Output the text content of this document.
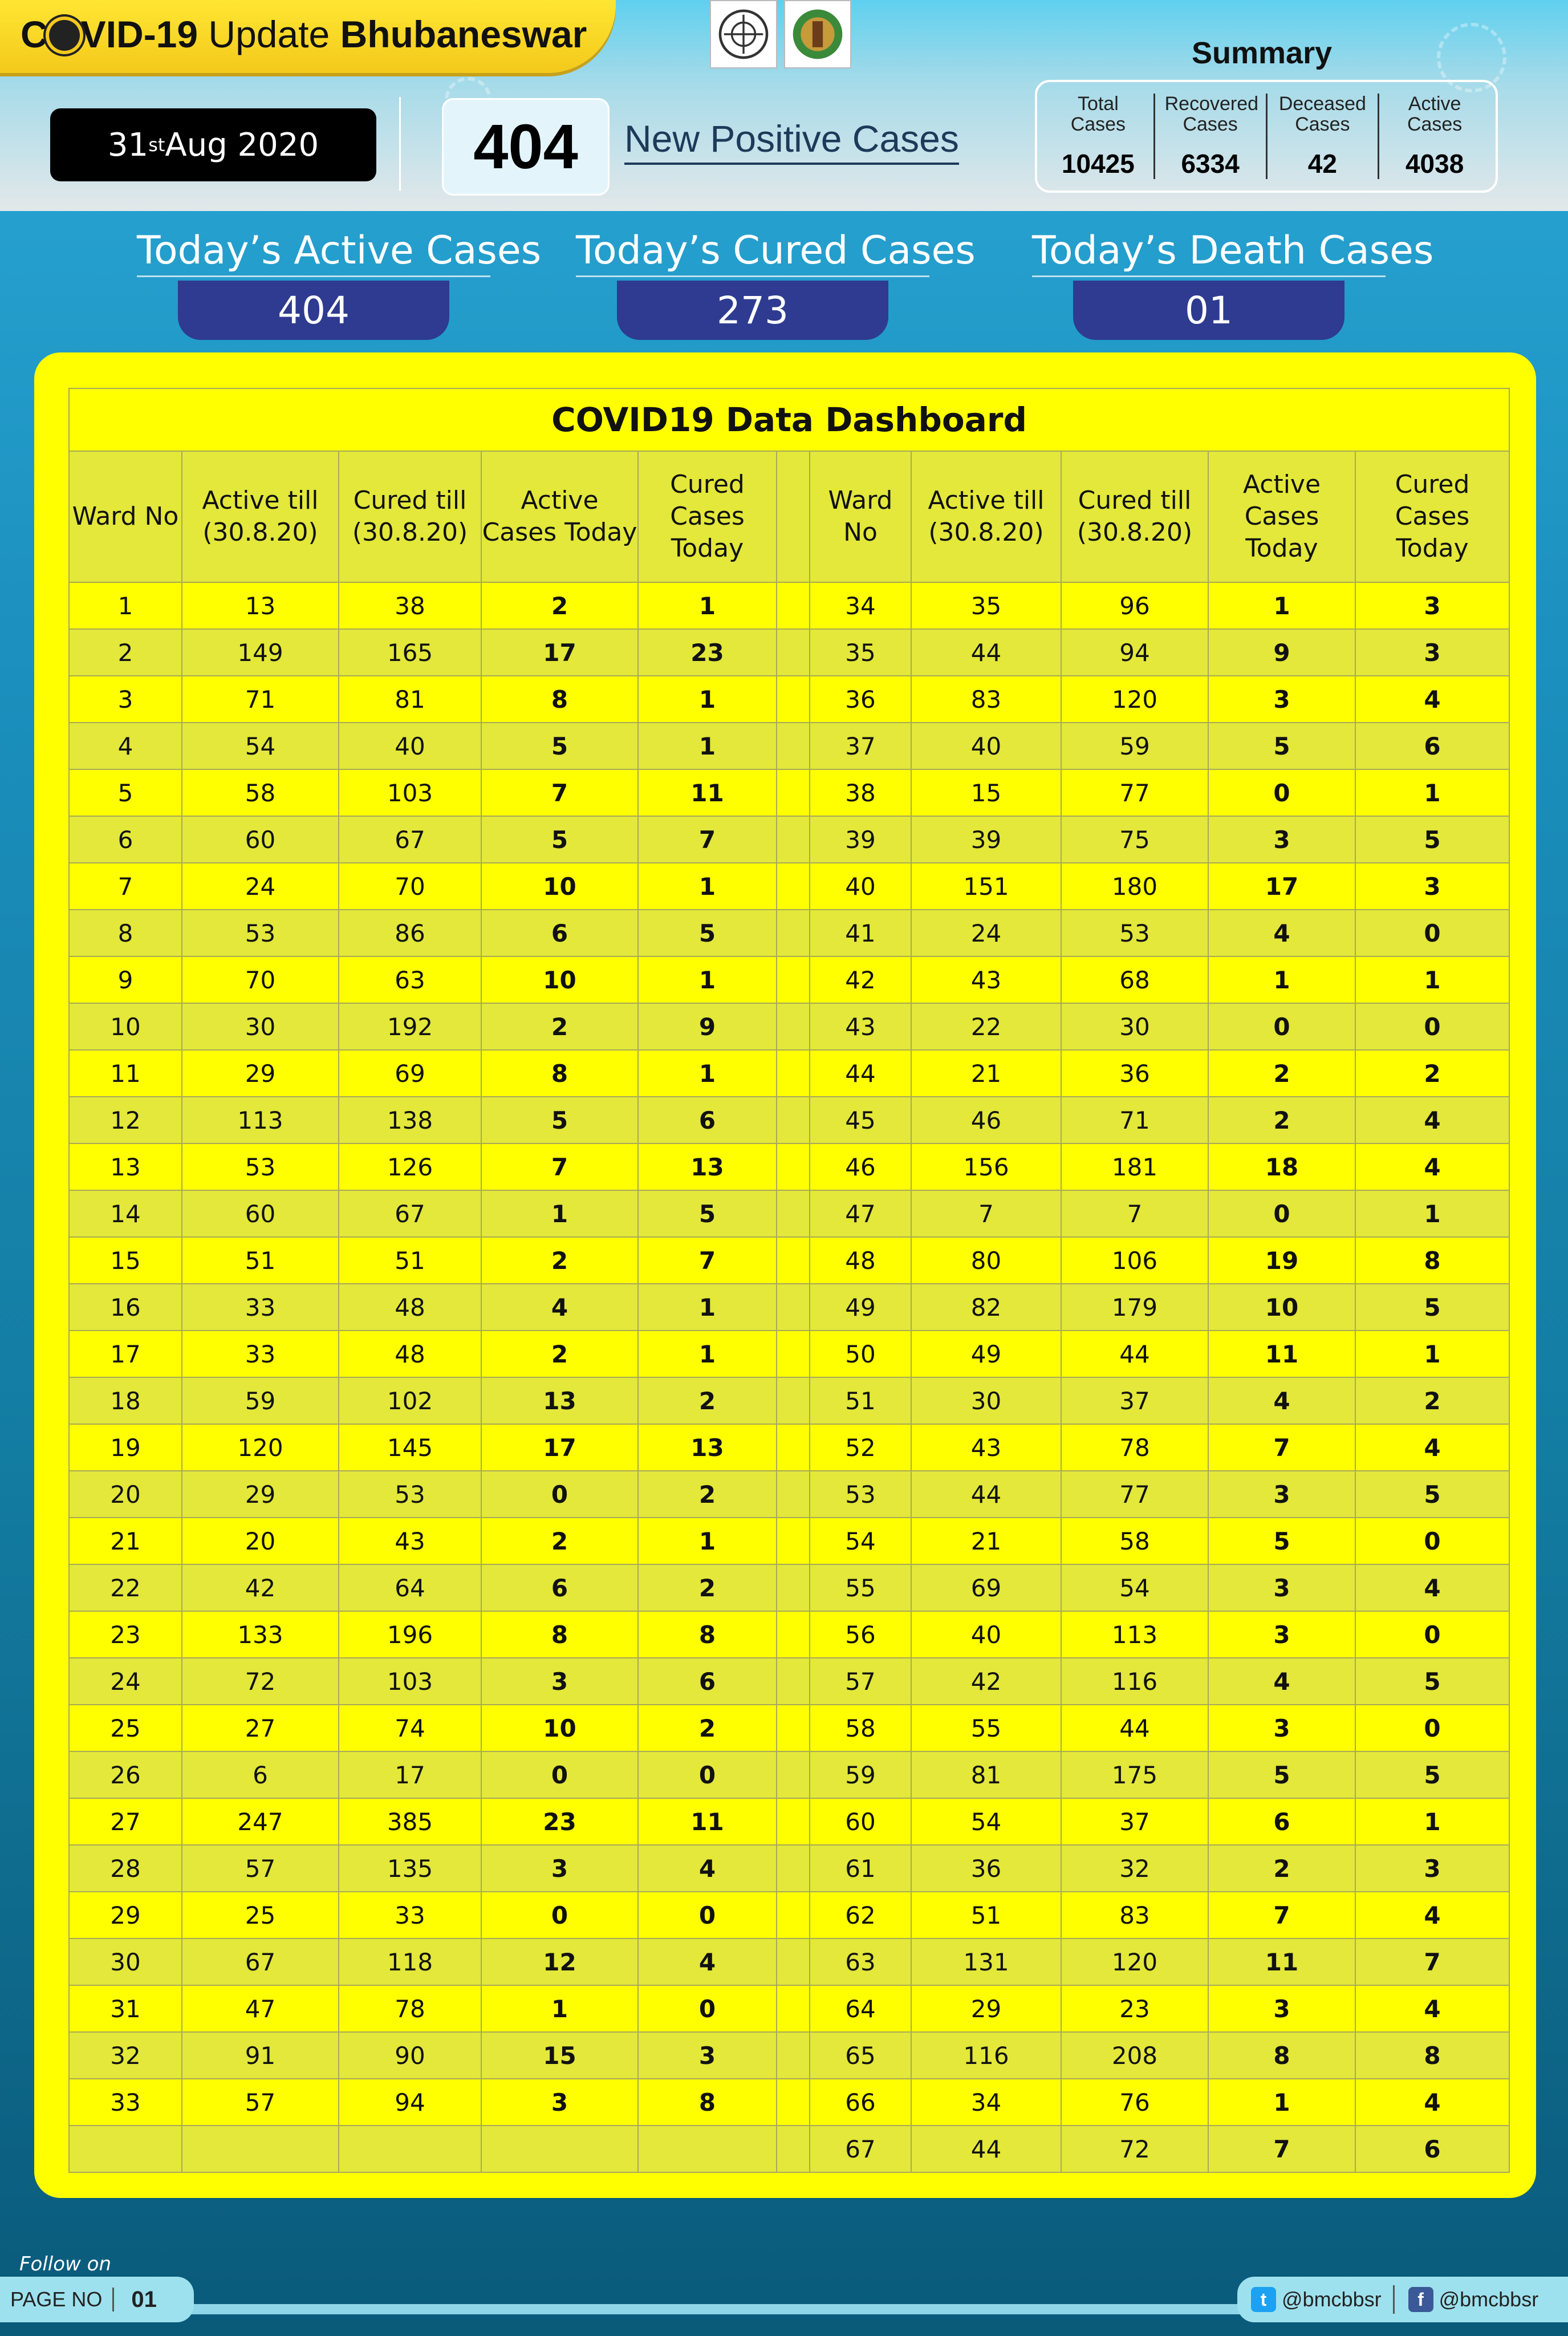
C VID-19 Update Bhubaneswar
31 st Aug 2020	404	New Positive Cases
Summary
Total Cases
10425
Recovered Cases
6334
Deceased Cases
42
Active Cases
4038
Today’s Active Cases
404
Today’s Cured Cases
273
Today’s Death Cases
01
COVID19 Data Dashboard										
Ward No	Active till (30.8.20)	Cured till (30.8.20)	Active Cases Today	Cured Cases Today		Ward No	Active till (30.8.20)	Cured till (30.8.20)	Active Cases Today	Cured Cases Today
1	13	38	2	1		34	35	96	1	3
2	149	165	17	23		35	44	94	9	3
3	71	81	8	1		36	83	120	3	4
4	54	40	5	1		37	40	59	5	6
5	58	103	7	11		38	15	77	0	1
6	60	67	5	7		39	39	75	3	5
7	24	70	10	1		40	151	180	17	3
8	53	86	6	5		41	24	53	4	0
9	70	63	10	1		42	43	68	1	1
10	30	192	2	9		43	22	30	0	0
11	29	69	8	1		44	21	36	2	2
12	113	138	5	6		45	46	71	2	4
13	53	126	7	13		46	156	181	18	4
14	60	67	1	5		47	7	7	0	1
15	51	51	2	7		48	80	106	19	8
16	33	48	4	1		49	82	179	10	5
17	33	48	2	1		50	49	44	11	1
18	59	102	13	2		51	30	37	4	2
19	120	145	17	13		52	43	78	7	4
20	29	53	0	2		53	44	77	3	5
21	20	43	2	1		54	21	58	5	0
22	42	64	6	2		55	69	54	3	4
23	133	196	8	8		56	40	113	3	0
24	72	103	3	6		57	42	116	4	5
25	27	74	10	2		58	55	44	3	0
26	6	17	0	0		59	81	175	5	5
27	247	385	23	11		60	54	37	6	1
28	57	135	3	4		61	36	32	2	3
29	25	33	0	0		62	51	83	7	4
30	67	118	12	4		63	131	120	11	7
31	47	78	1	0		64	29	23	3	4
32	91	90	15	3		65	116	208	8	8
33	57	94	3	8		66	34	76	1	4
						67	44	72	7	6
Follow on
PAGE NO	01	t @bmcbbsr	f @bmcbbsr
